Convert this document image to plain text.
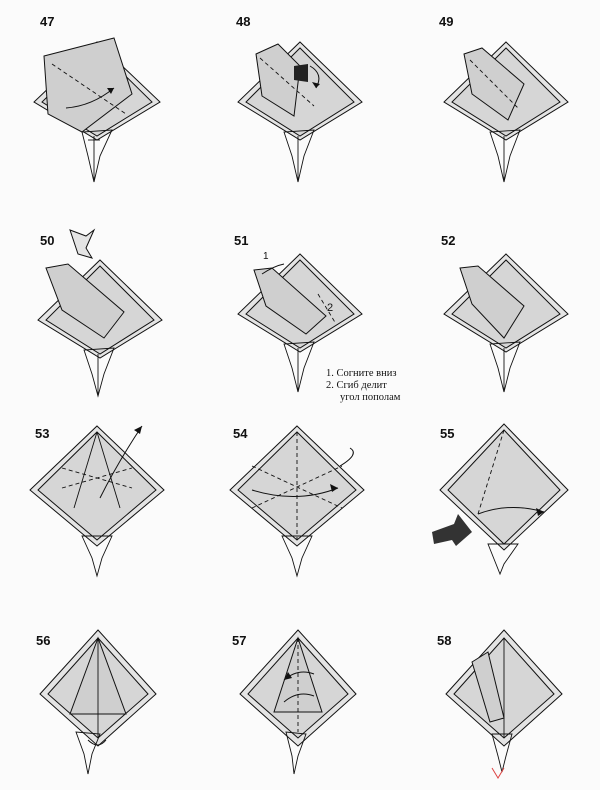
47	48	49
50	51	52
53	54	55
56	57	58
1
2
1. Согните вниз
2. Сгиб делит
угол пополам
